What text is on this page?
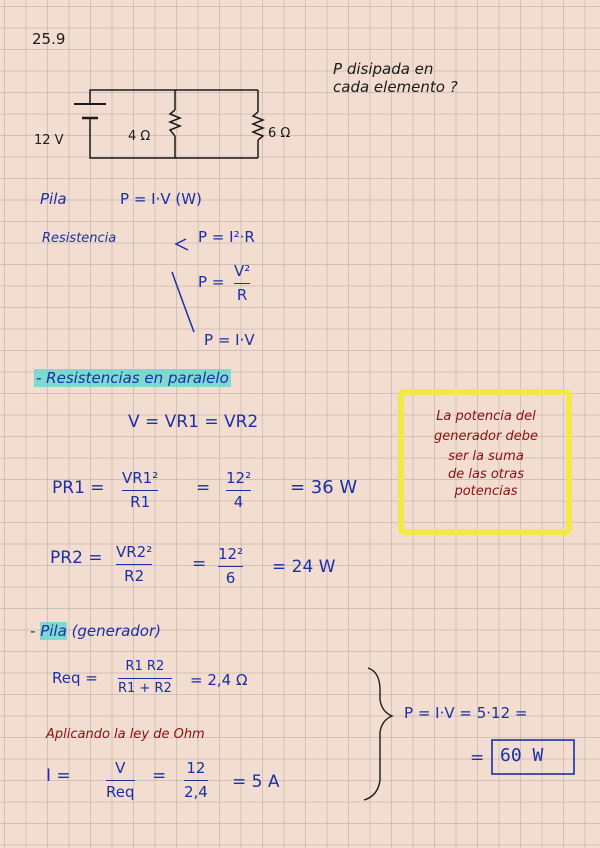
25.9
P disipada en
cada elemento ?
12 V	4 Ω	6 Ω
Pila	P = I·V (W)
Resistencia	P = I²·R
P =
V²
R
P = I·V
- Resistencias en paralelo
V = VR1 = VR2
PR1 = VR1²
R1
= 12²
4
= 36 W
PR2 = VR2²
R2
= 12²
6
= 24 W
La potencia del
generador debe
ser la suma
de las otras
potencias
- Pila (generador)
Req =
R1 R2
R1 + R2 = 2,4 Ω
Aplicando la ley de Ohm
I =	V
Req
= 12
2,4
= 5 A
P = I·V = 5·12 =
= 60 W
